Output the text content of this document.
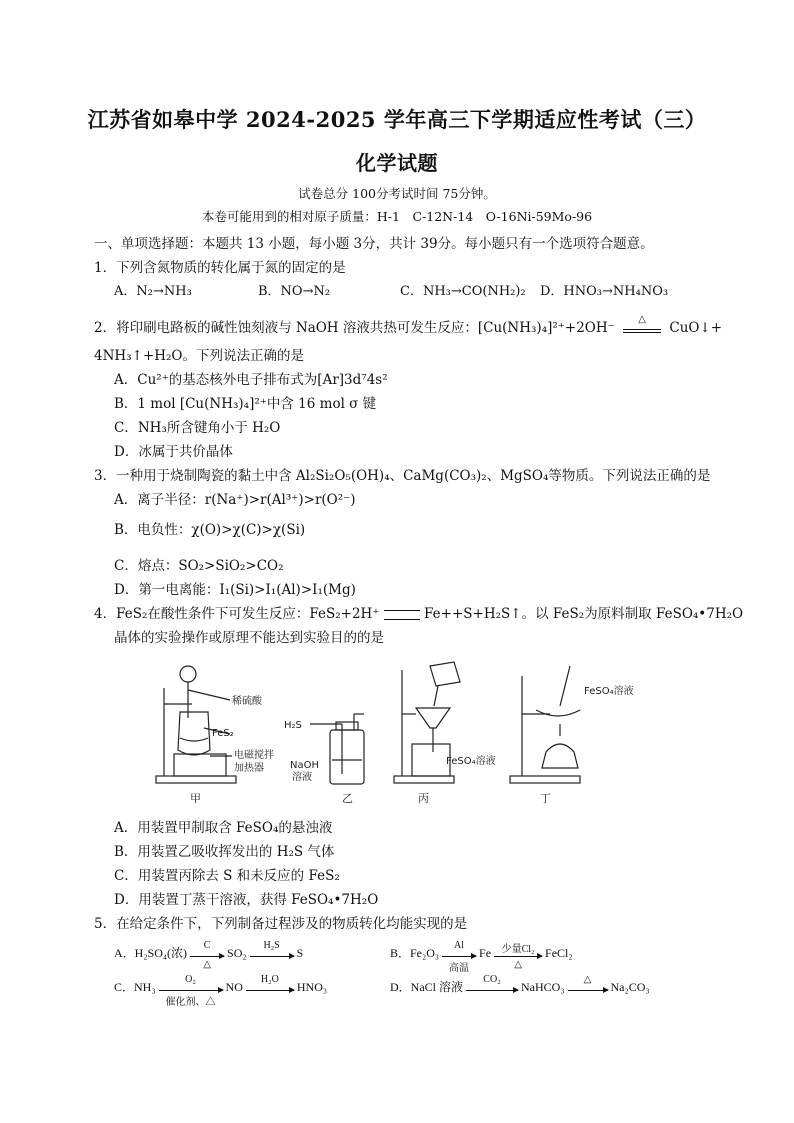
江苏省如皋中学 2024-2025 学年高三下学期适应性考试（三）
化学试题
试卷总分 100分考试时间 75分钟。
本卷可能用到的相对原子质量：H-1　C-12N-14　O-16Ni-59Mo-96
一、单项选择题：本题共 13 小题，每小题 3分，共计 39分。每小题只有一个选项符合题意。
1．下列含氮物质的转化属于氮的固定的是
A．N₂→NH₃	B．NO→N₂	C．NH₃→CO(NH₂)₂ D．HNO₃→NH₄NO₃
2．将印刷电路板的碱性蚀刻液与 NaOH 溶液共热可发生反应：[Cu(NH₃)₄]²⁺+2OH⁻
△
CuO↓+
4NH₃↑+H₂O。下列说法正确的是
A．Cu²⁺的基态核外电子排布式为[Ar]3d⁷4s²
B．1 mol [Cu(NH₃)₄]²⁺中含 16 mol σ 键
C．NH₃所含键角小于 H₂O
D．冰属于共价晶体
3．一种用于烧制陶瓷的黏土中含 Al₂Si₂O₅(OH)₄、CaMg(CO₃)₂、MgSO₄等物质。下列说法正确的是
A．离子半径：r(Na⁺)>r(Al³⁺)>r(O²⁻)
B．电负性：χ(O)>χ(C)>χ(Si)
C．熔点：SO₂>SiO₂>CO₂
D．第一电离能：I₁(Si)>I₁(Al)>I₁(Mg)
4．FeS₂在酸性条件下可发生反应：FeS₂+2H⁺	Fe++S+H₂S↑。以 FeS₂为原料制取 FeSO₄•7H₂O
晶体的实验操作或原理不能达到实验目的的是
稀硫酸
FeS₂
电磁搅拌
加热器
H₂S
NaOH
溶液
FeSO₄溶液
FeSO₄溶液
甲	乙	丙	丁
A．用装置甲制取含 FeSO₄的悬浊液
B．用装置乙吸收挥发出的 H₂S 气体
C．用装置丙除去 S 和未反应的 FeS₂
D．用装置丁蒸干溶液，获得 FeSO₄•7H₂O
5．在给定条件下，下列制备过程涉及的物质转化均能实现的是
A．H₂SO₄(浓)
C
△
SO₂
H₂S
S	B．Fe₂O₃
Al
高温
Fe	少量Cl₂
△
FeCl₂
C．NH₃
O₂
催化剂、△
NO
H₂O
HNO₃	D．NaCl 溶液
CO₂
NaHCO₃
△
Na₂CO₃
